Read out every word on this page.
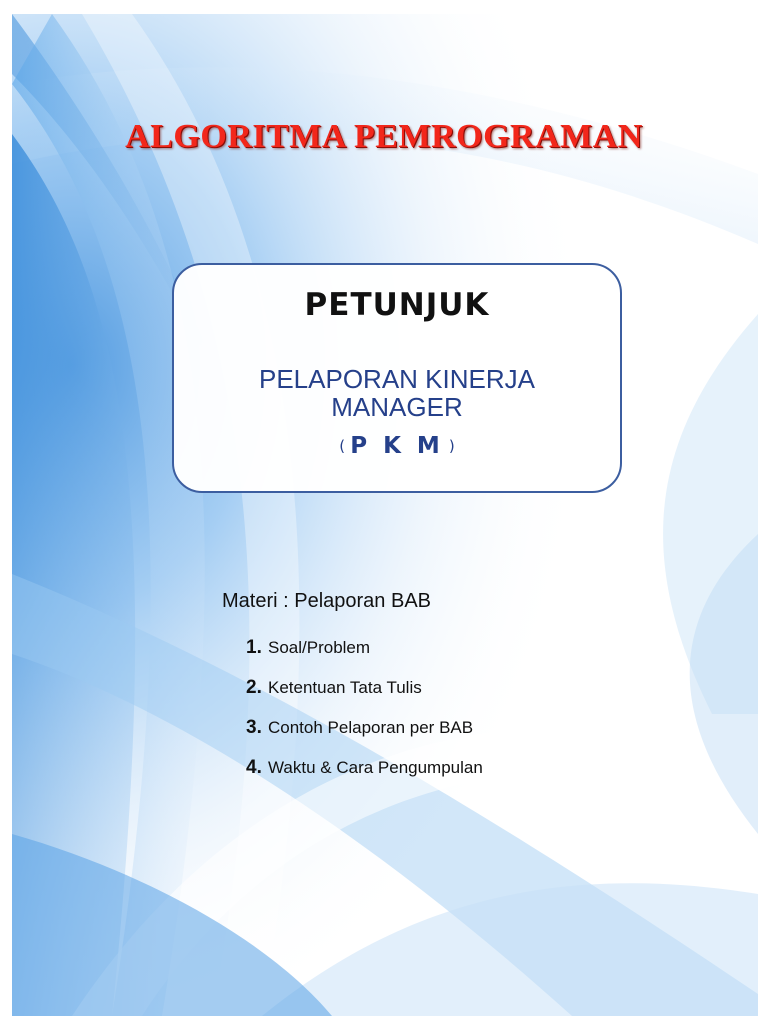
ALGORITMA PEMROGRAMAN
PETUNJUK
PELAPORAN KINERJA
MANAGER
( P K M )
Materi : Pelaporan BAB
1. Soal/Problem
2. Ketentuan Tata Tulis
3. Contoh Pelaporan per BAB
4. Waktu & Cara Pengumpulan
